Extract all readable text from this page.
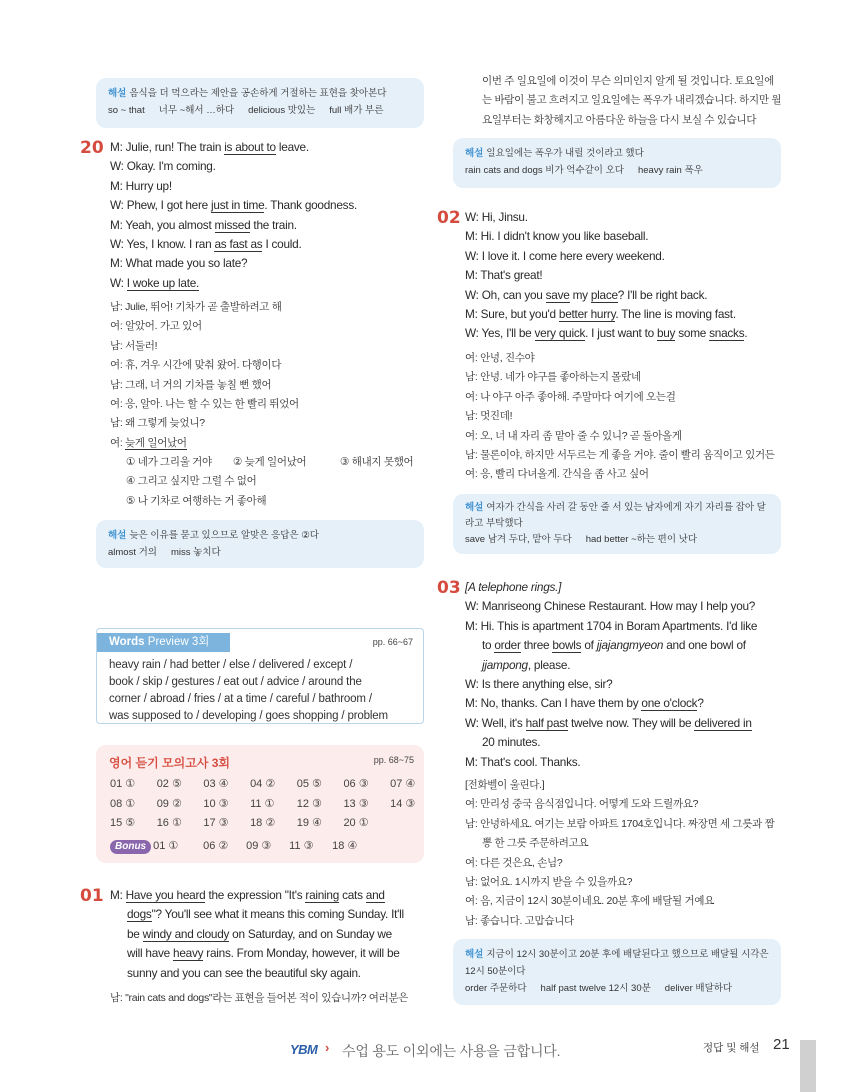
해설 음식을 더 먹으라는 제안을 공손하게 거절하는 표현을 찾아본다
so ~ that 너무 ~해서 …하다 delicious 맛있는 full 배가 부른
20 M: Julie, run! The train is about to leave.
W: Okay. I'm coming.
M: Hurry up!
W: Phew, I got here just in time. Thank goodness.
M: Yeah, you almost missed the train.
W: Yes, I know. I ran as fast as I could.
M: What made you so late?
W: I woke up late.
남: Julie, 뛰어! 기차가 곧 출발하려고 해
여: 알았어. 가고 있어
남: 서둘러!
여: 휴, 겨우 시간에 맞춰 왔어. 다행이다
남: 그래, 너 거의 기차를 놓칠 뻔 했어
여: 응, 알아. 나는 할 수 있는 한 빨리 뛰었어
남: 왜 그렇게 늦었니?
여: 늦게 일어났어
① 네가 그리울 거야 ② 늦게 일어났어	③ 해내지 못했어
④ 그리고 싶지만 그럴 수 없어
⑤ 나 기차로 여행하는 거 좋아해
해설 늦은 이유를 묻고 있으므로 알맞은 응답은 ②다
almost 거의 miss 놓치다
Words Preview 3회	pp. 66~67
heavy rain / had better / else / delivered / except /
book / skip / gestures / eat out / advice / around the
corner / abroad / fries / at a time / careful / bathroom /
was supposed to / developing / goes shopping / problem
영어 듣기 모의고사 3회	pp. 68~75
01 ① 02 ⑤ 03 ④ 04 ② 05 ⑤ 06 ③ 07 ④
08 ① 09 ② 10 ③ 11 ① 12 ③ 13 ③ 14 ③
15 ⑤ 16 ① 17 ③ 18 ② 19 ④ 20 ①
Bonus 01 ① 06 ② 09 ③ 11 ③ 18 ④
01 M: Have you heard the expression "It's raining cats and
dogs"? You'll see what it means this coming Sunday. It'll
be windy and cloudy on Saturday, and on Sunday we
will have heavy rains. From Monday, however, it will be
sunny and you can see the beautiful sky again.
남: "rain cats and dogs"라는 표현을 들어본 적이 있습니까? 여러분은
이번 주 일요일에 이것이 무슨 의미인지 알게 될 것입니다. 토요일에
는 바람이 불고 흐려지고 일요일에는 폭우가 내리겠습니다. 하지만 월
요일부터는 화창해지고 아름다운 하늘을 다시 보실 수 있습니다
해설 일요일에는 폭우가 내릴 것이라고 했다
rain cats and dogs 비가 억수같이 오다 heavy rain 폭우
02 W: Hi, Jinsu.
M: Hi. I didn't know you like baseball.
W: I love it. I come here every weekend.
M: That's great!
W: Oh, can you save my place? I'll be right back.
M: Sure, but you'd better hurry. The line is moving fast.
W: Yes, I'll be very quick. I just want to buy some snacks.
여: 안녕, 진수야
남: 안녕. 네가 야구를 좋아하는지 몰랐네
여: 나 야구 아주 좋아해. 주말마다 여기에 오는걸
남: 멋진데!
여: 오, 너 내 자리 좀 맡아 줄 수 있니? 곧 돌아올게
남: 물론이야, 하지만 서두르는 게 좋을 거야. 줄이 빨리 움직이고 있거든
여: 응, 빨리 다녀올게. 간식을 좀 사고 싶어
해설 여자가 간식을 사러 갈 동안 줄 서 있는 남자에게 자기 자리를 잡아 달라고 부탁했다
save 남겨 두다, 맡아 두다 had better ~하는 편이 낫다
03 [A telephone rings.]
W: Manriseong Chinese Restaurant. How may I help you?
M: Hi. This is apartment 1704 in Boram Apartments. I'd like
to order three bowls of jjajangmyeon and one bowl of
jjampong, please.
W: Is there anything else, sir?
M: No, thanks. Can I have them by one o'clock?
W: Well, it's half past twelve now. They will be delivered in
20 minutes.
M: That's cool. Thanks.
[전화벨이 울린다.]
여: 만리성 중국 음식점입니다. 어떻게 도와 드릴까요?
남: 안녕하세요. 여기는 보람 아파트 1704호입니다. 짜장면 세 그릇과 짬
뽕 한 그릇 주문하려고요
여: 다른 것은요, 손님?
남: 없어요. 1시까지 받을 수 있을까요?
여: 음, 지금이 12시 30분이네요. 20분 후에 배달될 거예요
남: 좋습니다. 고맙습니다
해설 지금이 12시 30분이고 20분 후에 배달된다고 했으므로 배달될 시각은
12시 50분이다
order 주문하다 half past twelve 12시 30분 deliver 배달하다
YBM › 수업 용도 이외에는 사용을 금합니다.	정답 및 해설 21
